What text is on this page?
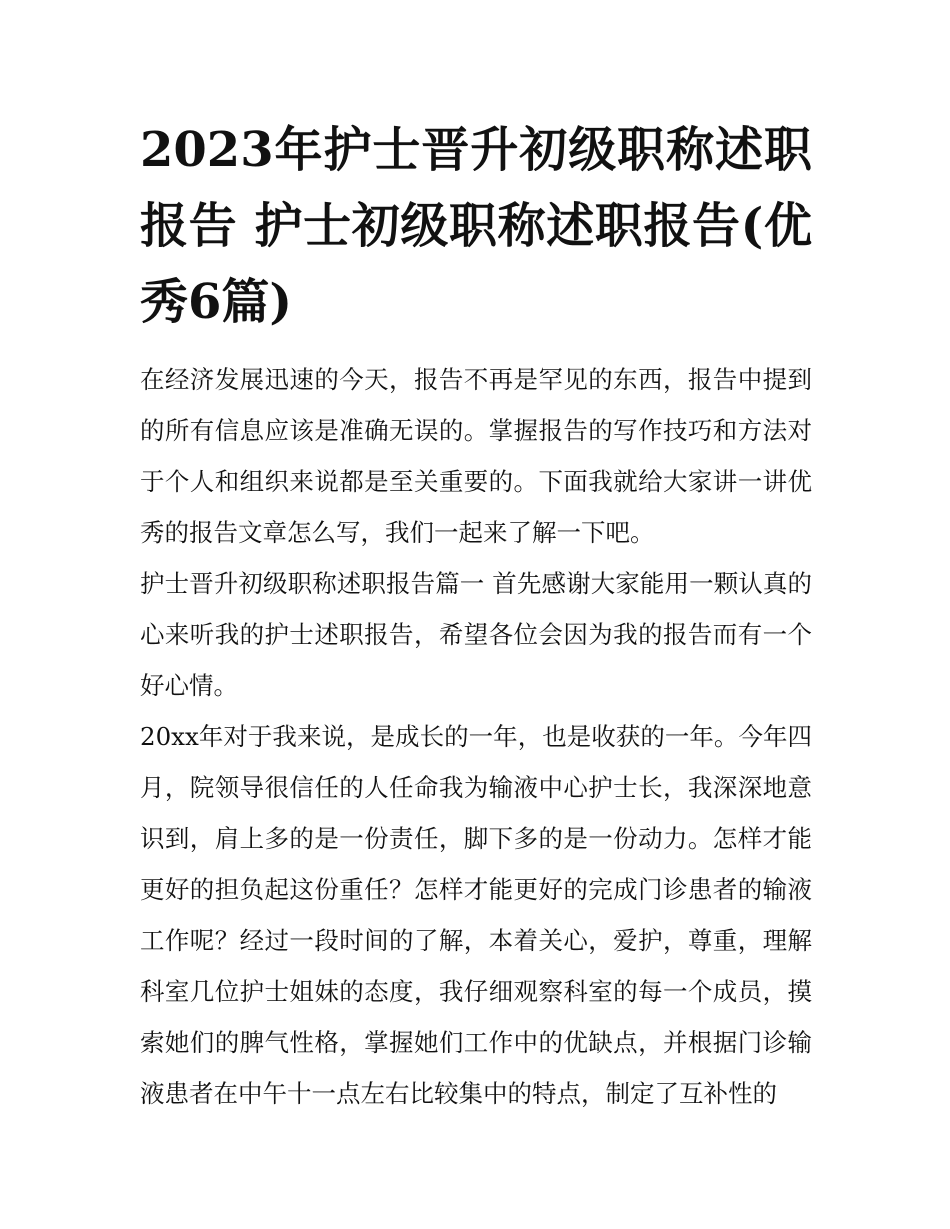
2023年护士晋升初级职称述职报告 护士初级职称述职报告(优秀6篇)

在经济发展迅速的今天，报告不再是罕见的东西，报告中提到的所有信息应该是准确无误的。掌握报告的写作技巧和方法对于个人和组织来说都是至关重要的。下面我就给大家讲一讲优秀的报告文章怎么写，我们一起来了解一下吧。

护士晋升初级职称述职报告篇一 首先感谢大家能用一颗认真的心来听我的护士述职报告，希望各位会因为我的报告而有一个好心情。

20xx年对于我来说，是成长的一年，也是收获的一年。今年四月，院领导很信任的人任命我为输液中心护士长，我深深地意识到，肩上多的是一份责任，脚下多的是一份动力。怎样才能更好的担负起这份重任？怎样才能更好的完成门诊患者的输液工作呢？经过一段时间的了解，本着关心，爱护，尊重，理解科室几位护士姐妹的态度，我仔细观察科室的每一个成员，摸索她们的脾气性格，掌握她们工作中的优缺点，并根据门诊输液患者在中午十一点左右比较集中的特点，制定了互补性的
